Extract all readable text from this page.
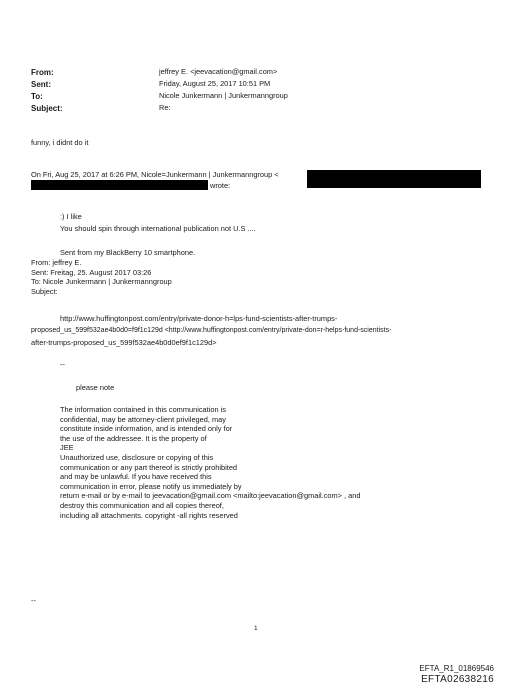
From:	jeffrey E. <jeevacation@gmail.com>
Sent:	Friday, August 25, 2017 10:51 PM
To:	Nicole Junkermann | Junkermanngroup
Subject:	Re:
funny, i didnt do it
On Fri, Aug 25, 2017 at 6:26 PM, Nicole=Junkermann | Junkermanngroup <
wrote:
:) I like
You should spin through international publication not U.S ....
Sent from my BlackBerry 10 smartphone.
From: jeffrey E.
Sent: Freitag, 25. August 2017 03:26
To: Nicole Junkermann | Junkermanngroup
Subject:
http://www.huffingtonpost.com/entry/private-donor-h=lps-fund-scientists-after-trumps-
proposed_us_599f532ae4b0d0=f9f1c129d <http://www.huffingtonpost.com/entry/private-don=r-helps-fund-scientists-
after-trumps-proposed_us_599f532ae4b0d0ef9f1c129d>
--
please note
The information contained in this communication is
confidential, may be attorney-client privileged, may
constitute inside information, and is intended only for
the use of the addressee. It is the property of
JEE
Unauthorized use, disclosure or copying of this
communication or any part thereof is strictly prohibited
and may be unlawful. If you have received this
communication in error, please notify us immediately by
return e-mail or by e-mail to jeevacation@gmail.com <mailto:jeevacation@gmail.com> , and
destroy this communication and all copies thereof,
including all attachments. copyright -all rights reserved
--
1
EFTA_R1_01869546
EFTA02638216
